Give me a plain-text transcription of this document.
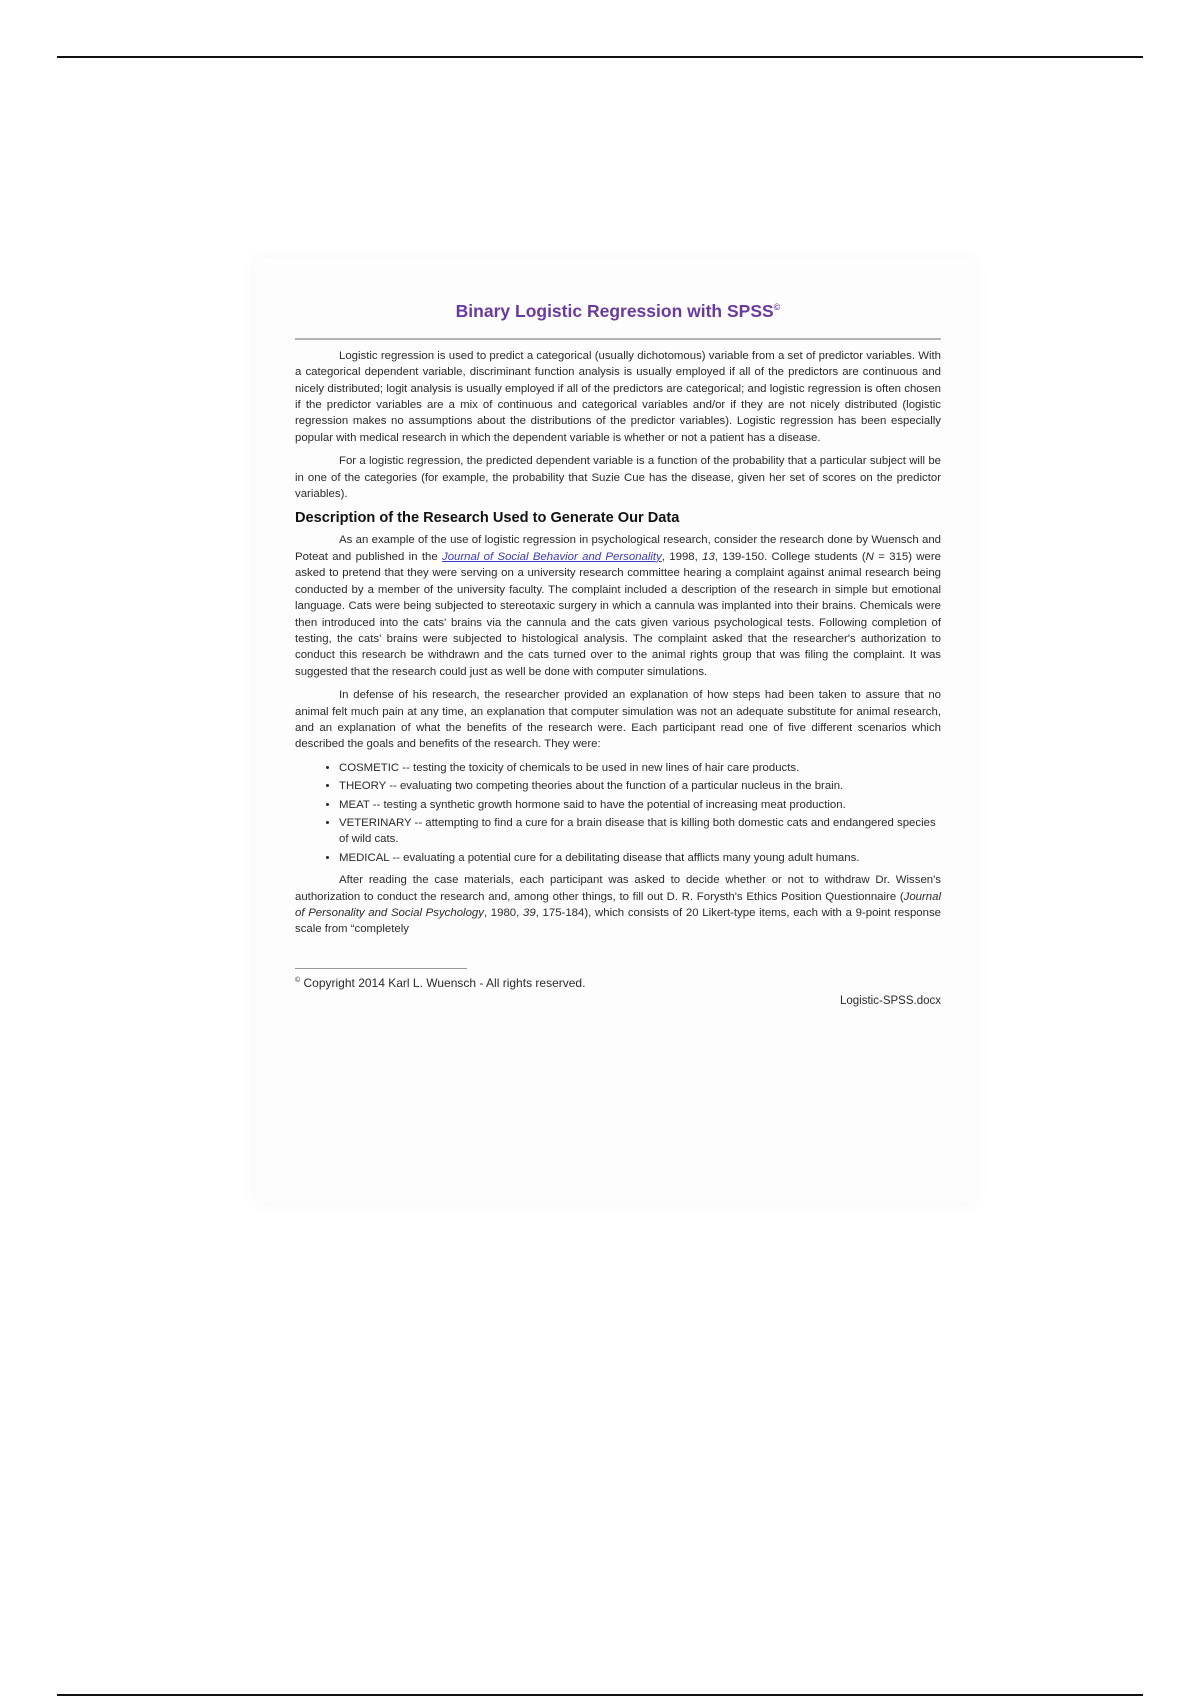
Binary Logistic Regression with SPSS©

Logistic regression is used to predict a categorical (usually dichotomous) variable from a set of predictor variables. With a categorical dependent variable, discriminant function analysis is usually employed if all of the predictors are continuous and nicely distributed; logit analysis is usually employed if all of the predictors are categorical; and logistic regression is often chosen if the predictor variables are a mix of continuous and categorical variables and/or if they are not nicely distributed (logistic regression makes no assumptions about the distributions of the predictor variables). Logistic regression has been especially popular with medical research in which the dependent variable is whether or not a patient has a disease.

For a logistic regression, the predicted dependent variable is a function of the probability that a particular subject will be in one of the categories (for example, the probability that Suzie Cue has the disease, given her set of scores on the predictor variables).

Description of the Research Used to Generate Our Data

As an example of the use of logistic regression in psychological research, consider the research done by Wuensch and Poteat and published in the Journal of Social Behavior and Personality, 1998, 13, 139-150. College students (N = 315) were asked to pretend that they were serving on a university research committee hearing a complaint against animal research being conducted by a member of the university faculty. The complaint included a description of the research in simple but emotional language. Cats were being subjected to stereotaxic surgery in which a cannula was implanted into their brains. Chemicals were then introduced into the cats' brains via the cannula and the cats given various psychological tests. Following completion of testing, the cats' brains were subjected to histological analysis. The complaint asked that the researcher's authorization to conduct this research be withdrawn and the cats turned over to the animal rights group that was filing the complaint. It was suggested that the research could just as well be done with computer simulations.

In defense of his research, the researcher provided an explanation of how steps had been taken to assure that no animal felt much pain at any time, an explanation that computer simulation was not an adequate substitute for animal research, and an explanation of what the benefits of the research were. Each participant read one of five different scenarios which described the goals and benefits of the research. They were:

• COSMETIC -- testing the toxicity of chemicals to be used in new lines of hair care products.
• THEORY -- evaluating two competing theories about the function of a particular nucleus in the brain.
• MEAT -- testing a synthetic growth hormone said to have the potential of increasing meat production.
• VETERINARY -- attempting to find a cure for a brain disease that is killing both domestic cats and endangered species of wild cats.
• MEDICAL -- evaluating a potential cure for a debilitating disease that afflicts many young adult humans.

After reading the case materials, each participant was asked to decide whether or not to withdraw Dr. Wissen's authorization to conduct the research and, among other things, to fill out D. R. Forysth's Ethics Position Questionnaire (Journal of Personality and Social Psychology, 1980, 39, 175-184), which consists of 20 Likert-type items, each with a 9-point response scale from “completely

© Copyright 2014 Karl L. Wuensch - All rights reserved.
Logistic-SPSS.docx
